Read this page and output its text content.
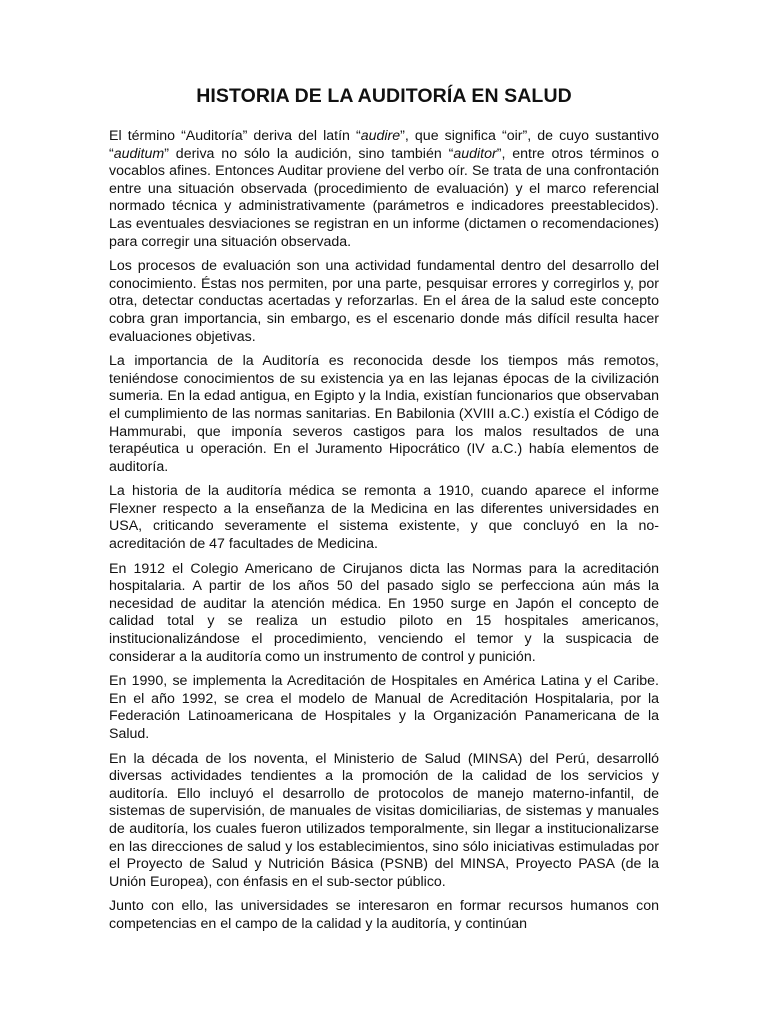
HISTORIA DE LA AUDITORÍA EN SALUD

El término “Auditoría” deriva del latín “audire”, que significa “oir”, de cuyo sustantivo “auditum” deriva no sólo la audición, sino también “auditor”, entre otros términos o vocablos afines. Entonces Auditar proviene del verbo oír. Se trata de una confrontación entre una situación observada (procedimiento de evaluación) y el marco referencial normado técnica y administrativamente (parámetros e indicadores preestablecidos). Las eventuales desviaciones se registran en un informe (dictamen o recomendaciones) para corregir una situación observada.

Los procesos de evaluación son una actividad fundamental dentro del desarrollo del conocimiento. Éstas nos permiten, por una parte, pesquisar errores y corregirlos y, por otra, detectar conductas acertadas y reforzarlas. En el área de la salud este concepto cobra gran importancia, sin embargo, es el escenario donde más difícil resulta hacer evaluaciones objetivas.

La importancia de la Auditoría es reconocida desde los tiempos más remotos, teniéndose conocimientos de su existencia ya en las lejanas épocas de la civilización sumeria. En la edad antigua, en Egipto y la India, existían funcionarios que observaban el cumplimiento de las normas sanitarias. En Babilonia (XVIII a.C.) existía el Código de Hammurabi, que imponía severos castigos para los malos resultados de una terapéutica u operación. En el Juramento Hipocrático (IV a.C.) había elementos de auditoría.

La historia de la auditoría médica se remonta a 1910, cuando aparece el informe Flexner respecto a la enseñanza de la Medicina en las diferentes universidades en USA, criticando severamente el sistema existente, y que concluyó en la no-acreditación de 47 facultades de Medicina.

En 1912 el Colegio Americano de Cirujanos dicta las Normas para la acreditación hospitalaria. A partir de los años 50 del pasado siglo se perfecciona aún más la necesidad de auditar la atención médica. En 1950 surge en Japón el concepto de calidad total y se realiza un estudio piloto en 15 hospitales americanos, institucionalizándose el procedimiento, venciendo el temor y la suspicacia de considerar a la auditoría como un instrumento de control y punición.

En 1990, se implementa la Acreditación de Hospitales en América Latina y el Caribe. En el año 1992, se crea el modelo de Manual de Acreditación Hospitalaria, por la Federación Latinoamericana de Hospitales y la Organización Panamericana de la Salud.

En la década de los noventa, el Ministerio de Salud (MINSA) del Perú, desarrolló diversas actividades tendientes a la promoción de la calidad de los servicios y auditoría. Ello incluyó el desarrollo de protocolos de manejo materno-infantil, de sistemas de supervisión, de manuales de visitas domiciliarias, de sistemas y manuales de auditoría, los cuales fueron utilizados temporalmente, sin llegar a institucionalizarse en las direcciones de salud y los establecimientos, sino sólo iniciativas estimuladas por el Proyecto de Salud y Nutrición Básica (PSNB) del MINSA, Proyecto PASA (de la Unión Europea), con énfasis en el sub-sector público.

Junto con ello, las universidades se interesaron en formar recursos humanos con competencias en el campo de la calidad y la auditoría, y continúan
